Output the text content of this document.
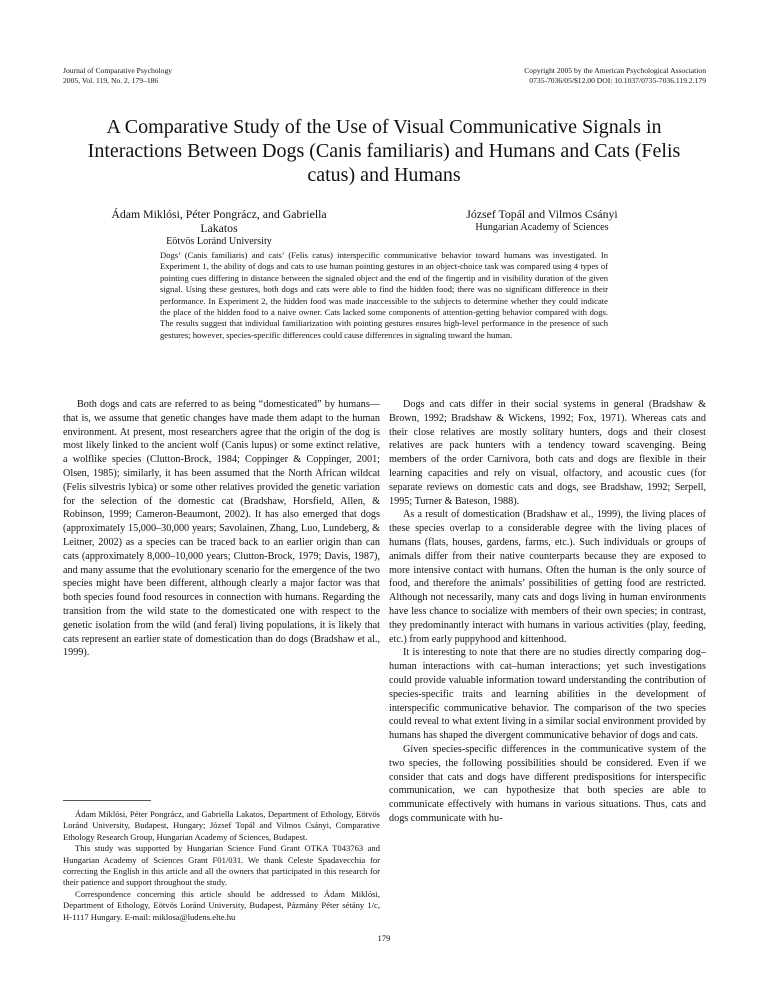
Journal of Comparative Psychology
2005, Vol. 119, No. 2, 179–186
Copyright 2005 by the American Psychological Association
0735-7036/05/$12.00 DOI: 10.1037/0735-7036.119.2.179
A Comparative Study of the Use of Visual Communicative Signals in Interactions Between Dogs (Canis familiaris) and Humans and Cats (Felis catus) and Humans
Ádam Miklósi, Péter Pongrácz, and Gabriella Lakatos
Eötvös Loránd University
József Topál and Vilmos Csányi
Hungarian Academy of Sciences
Dogs’ (Canis familiaris) and cats’ (Felis catus) interspecific communicative behavior toward humans was investigated. In Experiment 1, the ability of dogs and cats to use human pointing gestures in an object-choice task was compared using 4 types of pointing cues differing in distance between the signaled object and the end of the fingertip and in visibility duration of the given signal. Using these gestures, both dogs and cats were able to find the hidden food; there was no significant difference in their performance. In Experiment 2, the hidden food was made inaccessible to the subjects to determine whether they could indicate the place of the hidden food to a naive owner. Cats lacked some components of attention-getting behavior compared with dogs. The results suggest that individual familiarization with pointing gestures ensures high-level performance in the presence of such gestures; however, species-specific differences could cause differences in signaling toward the human.

Both dogs and cats are referred to as being “domesticated” by humans—that is, we assume that genetic changes have made them adapt to the human environment. At present, most researchers agree that the origin of the dog is most likely linked to the ancient wolf (Canis lupus) or some extinct relative, a wolflike species (Clutton-Brock, 1984; Coppinger & Coppinger, 2001; Olsen, 1985); similarly, it has been assumed that the North African wildcat (Felis silvestris lybica) or some other relatives provided the genetic variation for the selection of the domestic cat (Bradshaw, Horsfield, Allen, & Robinson, 1999; Cameron-Beaumont, 2002). It has also emerged that dogs (approximately 15,000–30,000 years; Savolainen, Zhang, Luo, Lundeberg, & Leitner, 2002) as a species can be traced back to an earlier origin than can cats (approximately 8,000–10,000 years; Clutton-Brock, 1979; Davis, 1987), and many assume that the evolutionary scenario for the emergence of the two species might have been different, although clearly a major factor was that both species found food resources in connection with humans. Regarding the transition from the wild state to the domesticated one with respect to the genetic isolation from the wild (and feral) living populations, it is likely that cats represent an earlier state of domestication than do dogs (Bradshaw et al., 1999).

Ádam Miklósi, Péter Pongrácz, and Gabriella Lakatos, Department of Ethology, Eötvös Loránd University, Budapest, Hungary; József Topál and Vilmos Csányi, Comparative Ethology Research Group, Hungarian Academy of Sciences, Budapest.

This study was supported by Hungarian Science Fund Grant OTKA T043763 and Hungarian Academy of Sciences Grant F01/031. We thank Celeste Spadavecchia for correcting the English in this article and all the owners that participated in this research for their patience and support throughout the study.

Correspondence concerning this article should be addressed to Ádam Miklósi, Department of Ethology, Eötvös Loránd University, Budapest, Pázmány Péter sétány 1/c, H-1117 Hungary. E-mail: miklosa@ludens.elte.hu

Dogs and cats differ in their social systems in general (Bradshaw & Brown, 1992; Bradshaw & Wickens, 1992; Fox, 1971). Whereas cats and their close relatives are mostly solitary hunters, dogs and their closest relatives are pack hunters with a tendency toward scavenging. Being members of the order Carnivora, both cats and dogs are flexible in their learning capacities and rely on visual, olfactory, and acoustic cues (for separate reviews on domestic cats and dogs, see Bradshaw, 1992; Serpell, 1995; Turner & Bateson, 1988).

As a result of domestication (Bradshaw et al., 1999), the living places of these species overlap to a considerable degree with the living places of humans (flats, houses, gardens, farms, etc.). Such individuals or groups of animals differ from their native counterparts because they are exposed to more intensive contact with humans. Often the human is the only source of food, and therefore the animals’ possibilities of getting food are restricted. Although not necessarily, many cats and dogs living in human environments have less chance to socialize with members of their own species; in contrast, they predominantly interact with humans in various activities (play, feeding, etc.) from early puppyhood and kittenhood.

It is interesting to note that there are no studies directly comparing dog–human interactions with cat–human interactions; yet such investigations could provide valuable information toward understanding the contribution of species-specific traits and learning abilities in the development of interspecific communicative behavior. The comparison of the two species could reveal to what extent living in a similar social environment provided by humans has shaped the divergent communicative behavior of dogs and cats.

Given species-specific differences in the communicative system of the two species, the following possibilities should be considered. Even if we consider that cats and dogs have different predispositions for interspecific communication, we can hypothesize that both species are able to communicate effectively with humans in various situations. Thus, cats and dogs communicate with hu-

179
